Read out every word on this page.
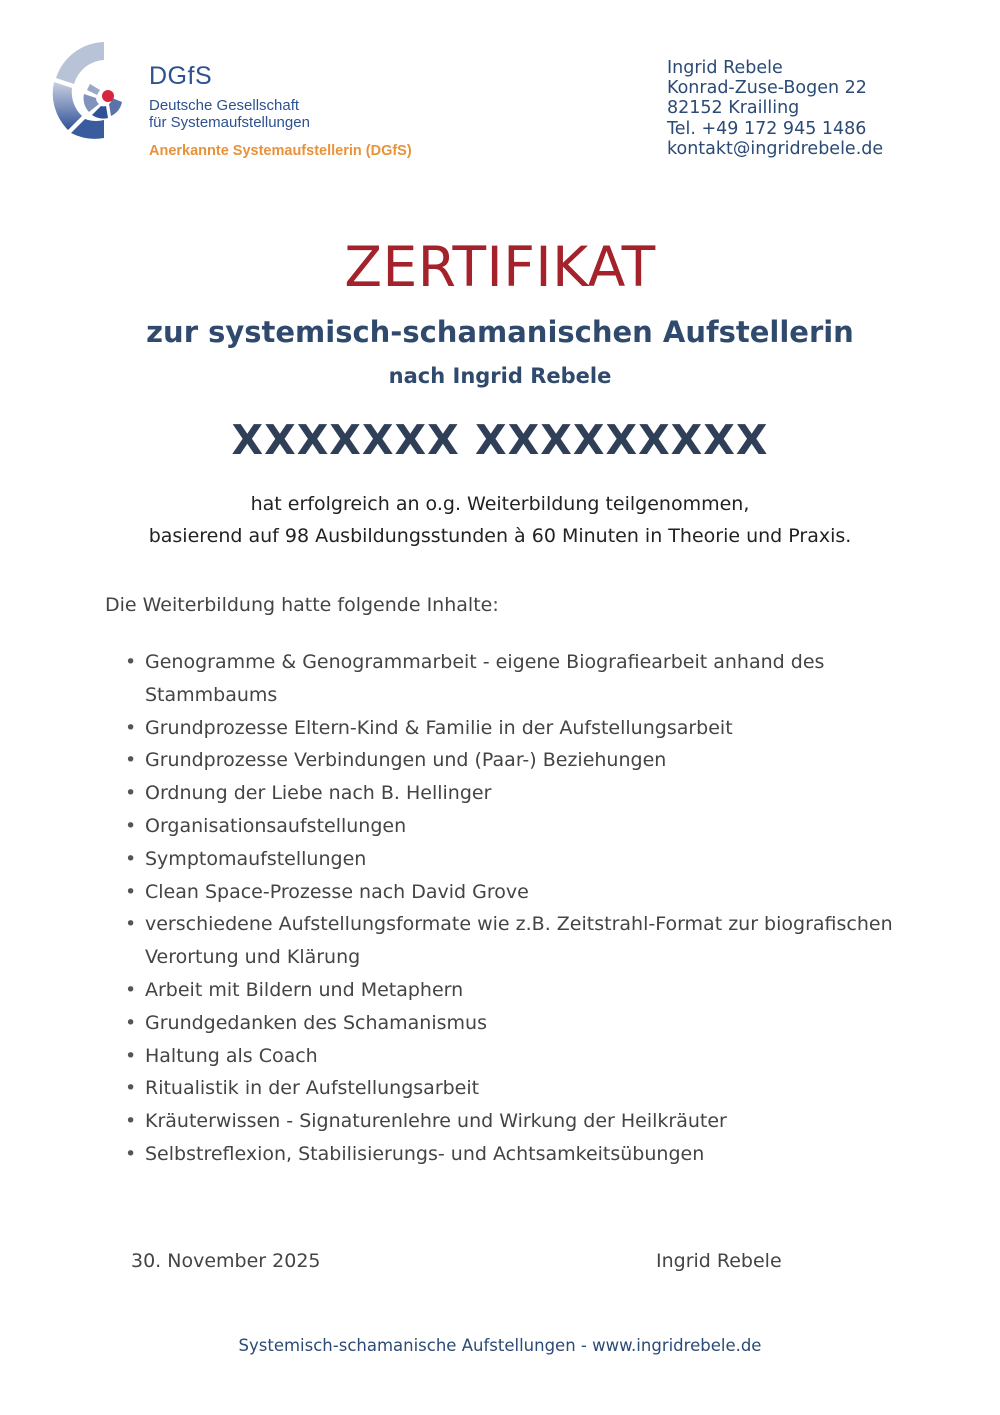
DGfS
Deutsche Gesellschaft
für Systemaufstellungen
Anerkannte Systemaufstellerin (DGfS)
Ingrid Rebele
Konrad-Zuse-Bogen 22
82152 Krailling
Tel. +49 172 945 1486
kontakt@ingridrebele.de
ZERTIFIKAT
zur systemisch-schamanischen Aufstellerin
nach Ingrid Rebele
XXXXXXX XXXXXXXXX
hat erfolgreich an o.g. Weiterbildung teilgenommen,
basierend auf 98 Ausbildungsstunden à 60 Minuten in Theorie und Praxis.
Die Weiterbildung hatte folgende Inhalte:
• Genogramme & Genogrammarbeit - eigene Biografiearbeit anhand des Stammbaums
• Grundprozesse Eltern-Kind & Familie in der Aufstellungsarbeit
• Grundprozesse Verbindungen und (Paar-) Beziehungen
• Ordnung der Liebe nach B. Hellinger
• Organisationsaufstellungen
• Symptomaufstellungen
• Clean Space-Prozesse nach David Grove
• verschiedene Aufstellungsformate wie z.B. Zeitstrahl-Format zur biografischen Verortung und Klärung
• Arbeit mit Bildern und Metaphern
• Grundgedanken des Schamanismus
• Haltung als Coach
• Ritualistik in der Aufstellungsarbeit
• Kräuterwissen - Signaturenlehre und Wirkung der Heilkräuter
• Selbstreflexion, Stabilisierungs- und Achtsamkeitsübungen
30. November 2025	Ingrid Rebele
Systemisch-schamanische Aufstellungen - www.ingridrebele.de
